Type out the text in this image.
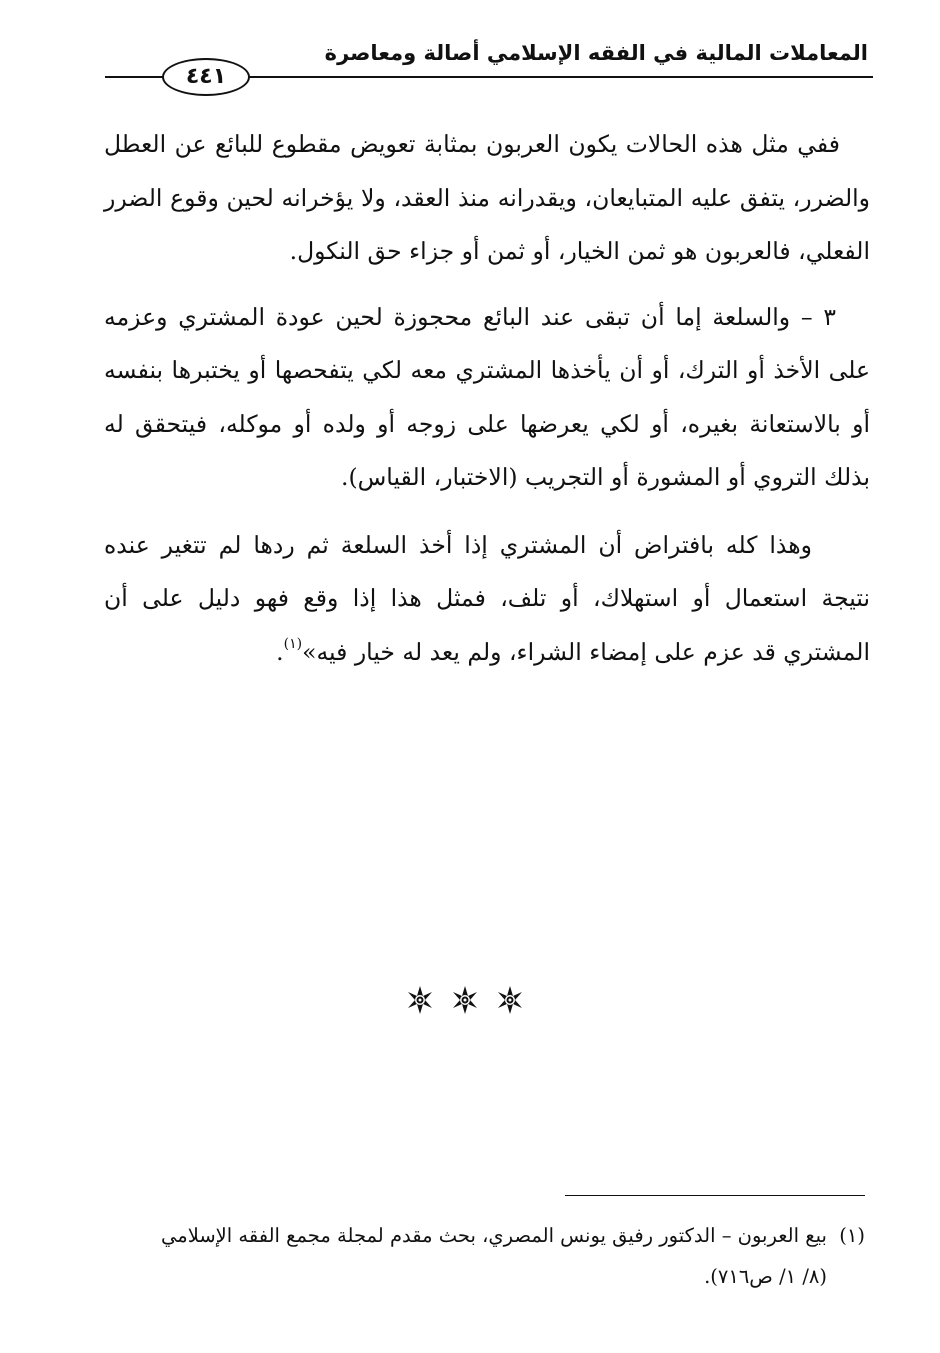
المعاملات المالية في الفقه الإسلامي أصالة ومعاصرة
٤٤١

ففي مثل هذه الحالات يكون العربون بمثابة تعويض مقطوع للبائع عن العطل والضرر، يتفق عليه المتبايعان، ويقدرانه منذ العقد، ولا يؤخرانه لحين وقوع الضرر الفعلي، فالعربون هو ثمن الخيار، أو ثمن أو جزاء حق النكول.

٣ – والسلعة إما أن تبقى عند البائع محجوزة لحين عودة المشتري وعزمه على الأخذ أو الترك، أو أن يأخذها المشتري معه لكي يتفحصها أو يختبرها بنفسه أو بالاستعانة بغيره، أو لكي يعرضها على زوجه أو ولده أو موكله، فيتحقق له بذلك التروي أو المشورة أو التجريب (الاختبار، القياس).

وهذا كله بافتراض أن المشتري إذا أخذ السلعة ثم ردها لم تتغير عنده نتيجة استعمال أو استهلاك، أو تلف، فمثل هذا إذا وقع فهو دليل على أن المشتري قد عزم على إمضاء الشراء، ولم يعد له خيار فيه»$^{(١)}$.

(١)  بيع العربون – الدكتور رفيق يونس المصري، بحث مقدم لمجلة مجمع الفقه الإسلامي

(٨/ ١/ ص٧١٦).
